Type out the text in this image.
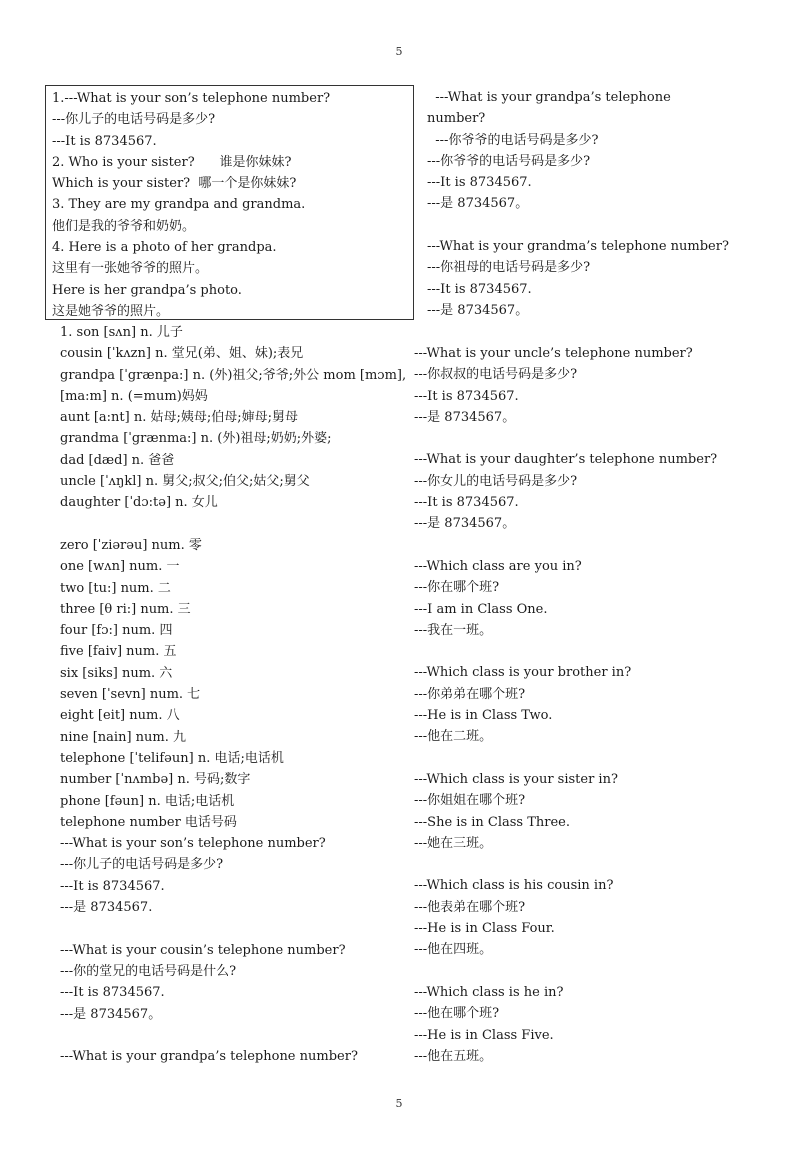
5
1.---What is your son’s telephone number?
---你儿子的电话号码是多少?
---It is 8734567.
2. Who is your sister?      谁是你妹妹?
Which is your sister?  哪一个是你妹妹?
3. They are my grandpa and grandma.
他们是我的爷爷和奶奶。
4. Here is a photo of her grandpa.
这里有一张她爷爷的照片。
Here is her grandpa’s photo.
这是她爷爷的照片。
1. son [sʌn] n. 儿子
cousin [ˈkʌzn] n. 堂兄(弟、姐、妹);表兄
grandpa [ˈgrænpa:] n. (外)祖父;爷爷;外公 mom [mɔm], [ma:m] n. (=mum)妈妈
aunt [a:nt] n. 姑母;姨母;伯母;婶母;舅母
grandma [ˈgrænma:] n. (外)祖母;奶奶;外婆;
dad [dæd] n. 爸爸
uncle [ˈʌŋkl] n. 舅父;叔父;伯父;姑父;舅父
daughter [ˈdɔ:tə] n. 女儿
zero [ˈziərəu] num. 零
one [wʌn] num. 一
two [tu:] num. 二
three [θ ri:] num. 三
four [fɔ:] num. 四
five [faiv] num. 五
six [siks] num. 六
seven [ˈsevn] num. 七
eight [eit] num. 八
nine [nain] num. 九
telephone [ˈtelifəun] n. 电话;电话机
number [ˈnʌmbə] n. 号码;数字
phone [fəun] n. 电话;电话机
telephone number 电话号码
---What is your son’s telephone number?
---你儿子的电话号码是多少?
---It is 8734567.
---是 8734567.
---What is your cousin’s telephone number?
---你的堂兄的电话号码是什么?
---It is 8734567.
---是 8734567。
---What is your grandpa’s telephone number?
---What is your grandpa’s telephone
number?
---你爷爷的电话号码是多少?
---你爷爷的电话号码是多少?
---It is 8734567.
---是 8734567。
---What is your grandma’s telephone number?
---你祖母的电话号码是多少?
---It is 8734567.
---是 8734567。
---What is your uncle’s telephone number?
---你叔叔的电话号码是多少?
---It is 8734567.
---是 8734567。
---What is your daughter’s telephone number?
---你女儿的电话号码是多少?
---It is 8734567.
---是 8734567。
---Which class are you in?
---你在哪个班?
---I am in Class One.
---我在一班。
---Which class is your brother in?
---你弟弟在哪个班?
---He is in Class Two.
---他在二班。
---Which class is your sister in?
---你姐姐在哪个班?
---She is in Class Three.
---她在三班。
---Which class is his cousin in?
---他表弟在哪个班?
---He is in Class Four.
---他在四班。
---Which class is he in?
---他在哪个班?
---He is in Class Five.
---他在五班。
5
